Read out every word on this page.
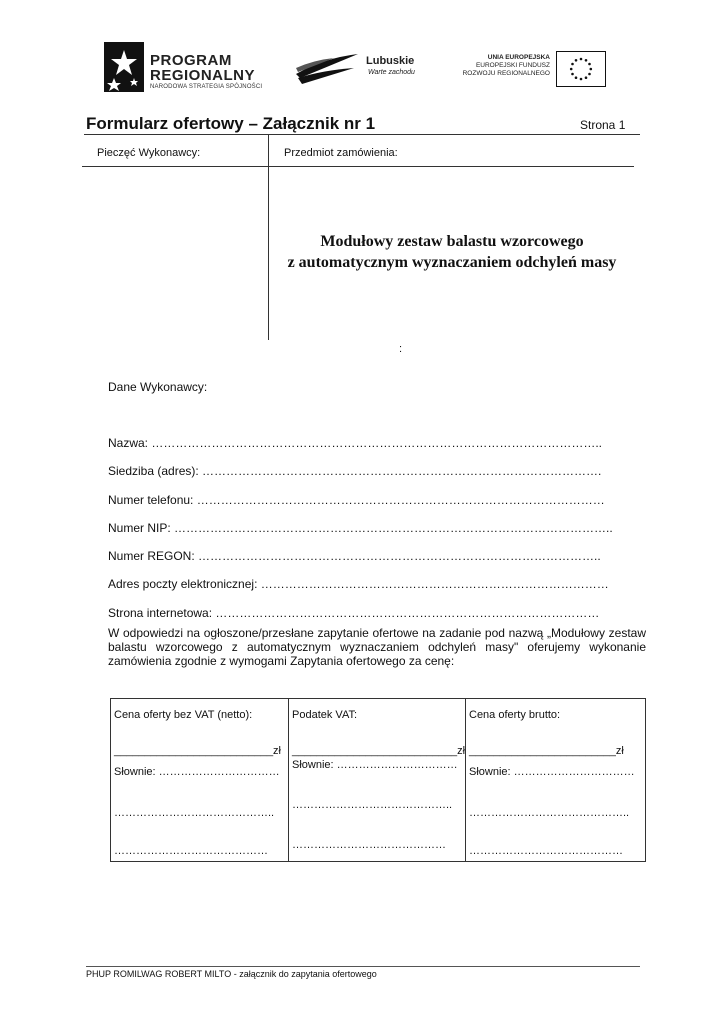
PROGRAM
REGIONALNY
NARODOWA STRATEGIA SPÓJNOŚCI
Lubuskie
Warte zachodu
UNIA EUROPEJSKA
EUROPEJSKI FUNDUSZ
ROZWOJU REGIONALNEGO
Formularz ofertowy – Załącznik nr 1	Strona 1
Pieczęć Wykonawcy:	Przedmiot zamówienia:
Modułowy zestaw balastu wzorcowego
z automatycznym wyznaczaniem odchyleń masy
:
Dane Wykonawcy:
Nazwa: …………………………………………………………………………………………………..
Siedziba (adres): ……………………………………………………………………………………….
Numer telefonu: …………………………………………………………………………………………
Numer NIP: ………………………………………………………………………………………………..
Numer REGON: ………………………………………………………………………………………..
Adres poczty elektronicznej: ……………………………………………………………………………
Strona internetowa: ……………………………………………………………………………………
W odpowiedzi na ogłoszone/przesłane zapytanie ofertowe na zadanie pod nazwą „Modułowy zestaw balastu wzorcowego z automatycznym wyznaczaniem odchyleń masy" oferujemy wykonanie zamówienia zgodnie z wymogami Zapytania ofertowego za cenę:
Cena oferty bez VAT (netto):
__________________________zł
Słownie: ……………………………
……………………………………..
……………………………………
Podatek VAT:
___________________________zł
Słownie: ……………………………
……………………………………..
……………………………………
Cena oferty brutto:
________________________zł
Słownie: ……………………………
……………………………………..
……………………………………
PHUP ROMILWAG ROBERT MILTO - załącznik do zapytania ofertowego
